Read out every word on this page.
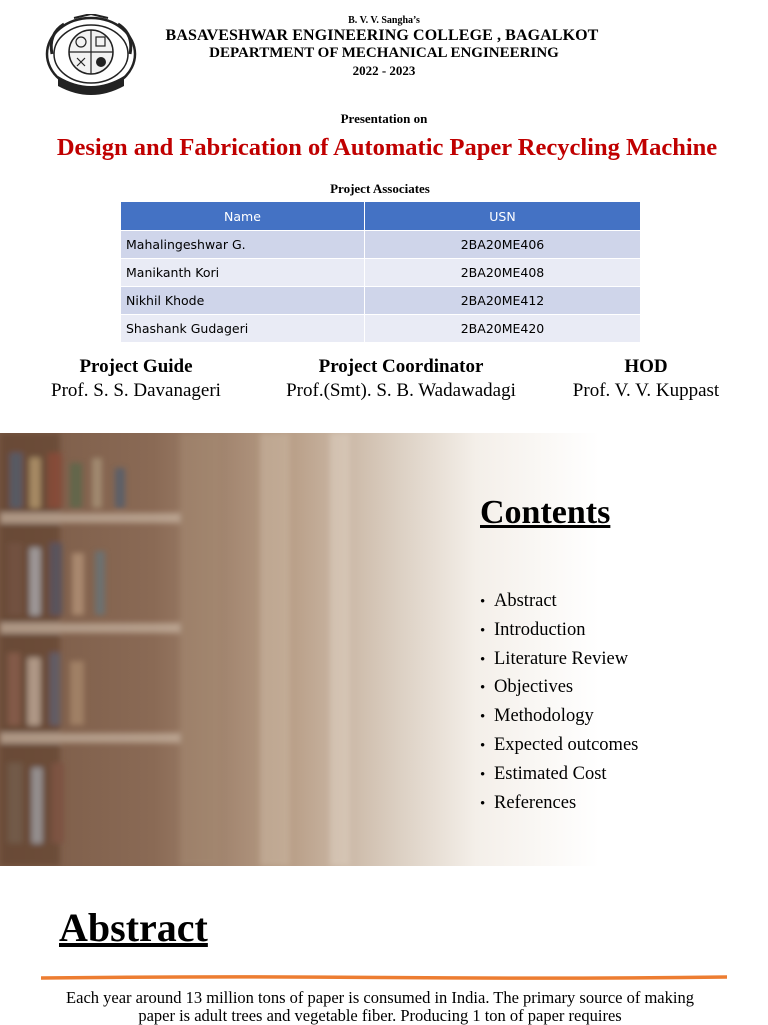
B. V. V. Sangha’s
BASAVESHWAR ENGINEERING COLLEGE , BAGALKOT
DEPARTMENT OF MECHANICAL ENGINEERING
2022 - 2023
Presentation on
Design and Fabrication of Automatic Paper Recycling Machine
Project Associates
Name	USN
Mahalingeshwar G.	2BA20ME406
Manikanth Kori	2BA20ME408
Nikhil Khode	2BA20ME412
Shashank Gudageri	2BA20ME420
Project Guide
Prof. S. S. Davanageri
Project Coordinator
Prof.(Smt). S. B. Wadawadagi
HOD
Prof. V. V. Kuppast
Contents
• Abstract
• Introduction
• Literature Review
• Objectives
• Methodology
• Expected outcomes
• Estimated Cost
• References
Abstract
Each year around 13 million tons of paper is consumed in India. The primary source of making paper is adult trees and vegetable fiber. Producing 1 ton of paper requires
